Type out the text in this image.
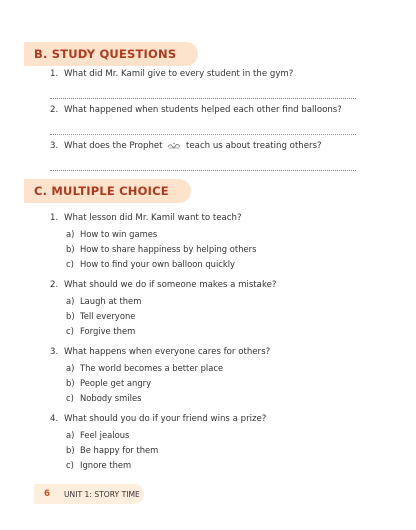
B. STUDY QUESTIONS
1. What did Mr. Kamil give to every student in the gym?
2. What happened when students helped each other find balloons?
3. What does the Prophet	teach us about treating others?
C. MULTIPLE CHOICE
1. What lesson did Mr. Kamil want to teach?
a) How to win games
b) How to share happiness by helping others
c) How to find your own balloon quickly
2. What should we do if someone makes a mistake?
a) Laugh at them
b) Tell everyone
c) Forgive them
3. What happens when everyone cares for others?
a) The world becomes a better place
b) People get angry
c) Nobody smiles
4. What should you do if your friend wins a prize?
a) Feel jealous
b) Be happy for them
c) Ignore them
6 UNIT 1: STORY TIME
